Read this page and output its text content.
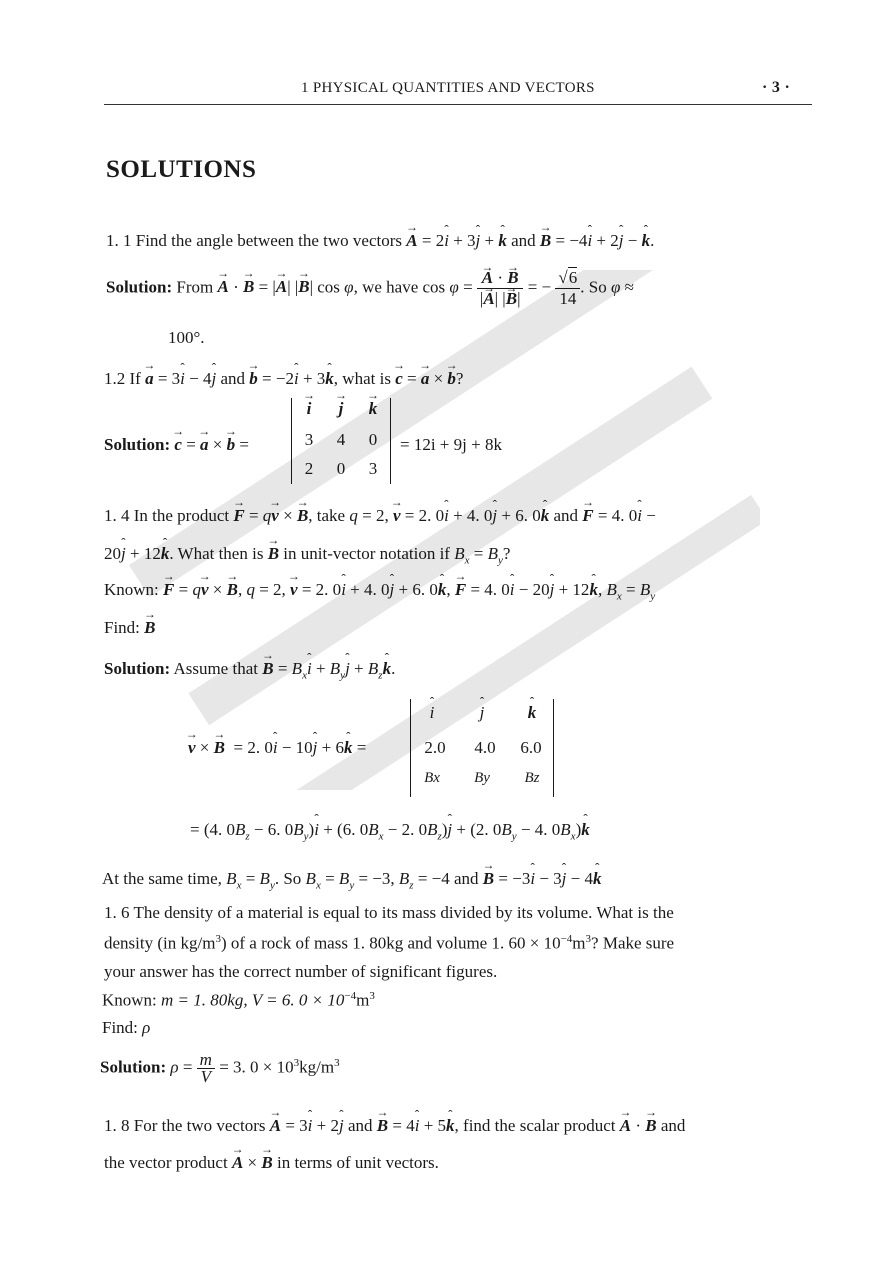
1 PHYSICAL QUANTITIES AND VECTORS	· 3 ·
SOLUTIONS
1. 1 Find the angle between the two vectors → A = 2ˆ i + 3ˆ j + ˆ k and → B = −4ˆ i + 2ˆ j − ˆ k.
Solution: From → A · → B = |→ A| |→ B| cos φ, we have cos φ = → $\frac{A \cdot \to B}{|\to A| |\to B|}$ = − $\frac{√6}{14}$ . So φ ≈
100°.
1.2 If → a = 3ˆ i − 4ˆ j and → b = −2ˆ i + 3ˆ k, what is → c = → a × → b?
Solution: → c = → a × → b =
→ i	→ j	→ k
3	4	0
2	0	3
= 12i + 9j + 8k
1. 4 In the product → F = q→ v × → B, take q = 2, → v = 2. 0ˆ i + 4. 0ˆ j + 6. 0ˆ k and → F = 4. 0ˆ i −
20ˆ j + 12ˆ k. What then is → B in unit-vector notation if $B_x = B_y$?
Known: → F = q→ v × → B, q = 2, → v = 2. 0ˆ i + 4. 0ˆ j + 6. 0ˆ k, → F = 4. 0ˆ i − 20ˆ j + 12ˆ k, $B_x = B_y$
Find: → B
Solution: Assume that → $B = B_xˆ$ $i + B_yˆ$ $j + B_zˆ$ k.
→ v × → B  = 2. 0ˆ i − 10ˆ j + 6ˆ k =
ˆ i	ˆ j	ˆ k
2.0	4.0	6.0
Bx	By	Bz
= (4. $0B_z - 6$. $0B_y)ˆ$ i + (6. $0B_x - 2$. $0B_z)ˆ$ j + (2. $0B_y - 4$. $0B_x)ˆ$ k
At the same time, $B_x = B_y$. So $B_x = B_y = -3$, $B_z = -4$ and → B = −3ˆ i − 3ˆ j − 4ˆ k
1. 6 The density of a material is equal to its mass divided by its volume. What is the
density (in $kg/m^3$) of a rock of mass 1. 80kg and volume 1. $60 \times 10^{-4}m^3$? Make sure
your answer has the correct number of significant figures.
Known: m = 1. 80kg, V = 6. $0 \times 10^{-4}m^3$
Find: ρ
Solution: $\rho = \frac{m}{V} = 3$. $0 \times 10^3kg/m^3$
1. 8 For the two vectors → A = 3ˆ i + 2ˆ j and → B = 4ˆ i + 5ˆ k, find the scalar product → A · → B and
the vector product → A × → B in terms of unit vectors.
